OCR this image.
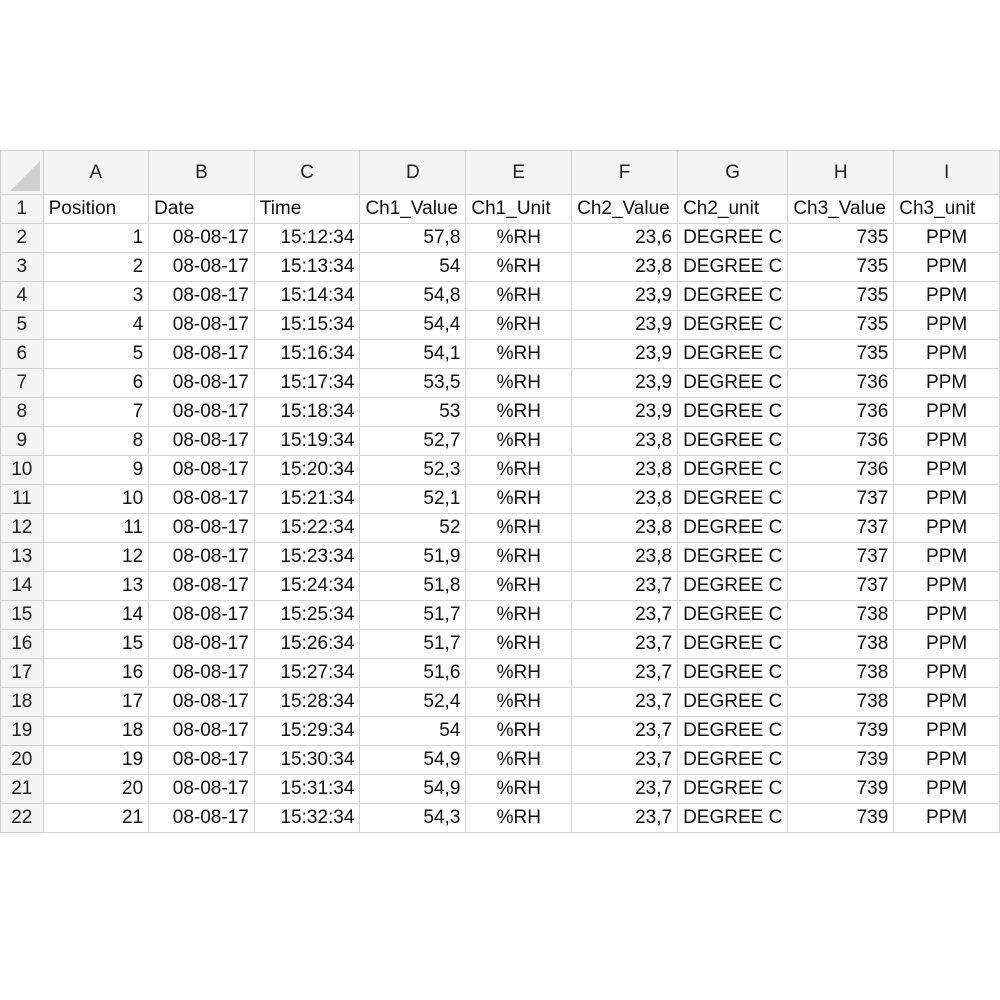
	A	B	C	D	E	F	G	H	I
1	Position	Date	Time	Ch1_Value	Ch1_Unit	Ch2_Value	Ch2_unit	Ch3_Value	Ch3_unit
2	1	08-08-17	15:12:34	57,8	%RH	23,6	DEGREE C	735	PPM
3	2	08-08-17	15:13:34	54	%RH	23,8	DEGREE C	735	PPM
4	3	08-08-17	15:14:34	54,8	%RH	23,9	DEGREE C	735	PPM
5	4	08-08-17	15:15:34	54,4	%RH	23,9	DEGREE C	735	PPM
6	5	08-08-17	15:16:34	54,1	%RH	23,9	DEGREE C	735	PPM
7	6	08-08-17	15:17:34	53,5	%RH	23,9	DEGREE C	736	PPM
8	7	08-08-17	15:18:34	53	%RH	23,9	DEGREE C	736	PPM
9	8	08-08-17	15:19:34	52,7	%RH	23,8	DEGREE C	736	PPM
10	9	08-08-17	15:20:34	52,3	%RH	23,8	DEGREE C	736	PPM
11	10	08-08-17	15:21:34	52,1	%RH	23,8	DEGREE C	737	PPM
12	11	08-08-17	15:22:34	52	%RH	23,8	DEGREE C	737	PPM
13	12	08-08-17	15:23:34	51,9	%RH	23,8	DEGREE C	737	PPM
14	13	08-08-17	15:24:34	51,8	%RH	23,7	DEGREE C	737	PPM
15	14	08-08-17	15:25:34	51,7	%RH	23,7	DEGREE C	738	PPM
16	15	08-08-17	15:26:34	51,7	%RH	23,7	DEGREE C	738	PPM
17	16	08-08-17	15:27:34	51,6	%RH	23,7	DEGREE C	738	PPM
18	17	08-08-17	15:28:34	52,4	%RH	23,7	DEGREE C	738	PPM
19	18	08-08-17	15:29:34	54	%RH	23,7	DEGREE C	739	PPM
20	19	08-08-17	15:30:34	54,9	%RH	23,7	DEGREE C	739	PPM
21	20	08-08-17	15:31:34	54,9	%RH	23,7	DEGREE C	739	PPM
22	21	08-08-17	15:32:34	54,3	%RH	23,7	DEGREE C	739	PPM
